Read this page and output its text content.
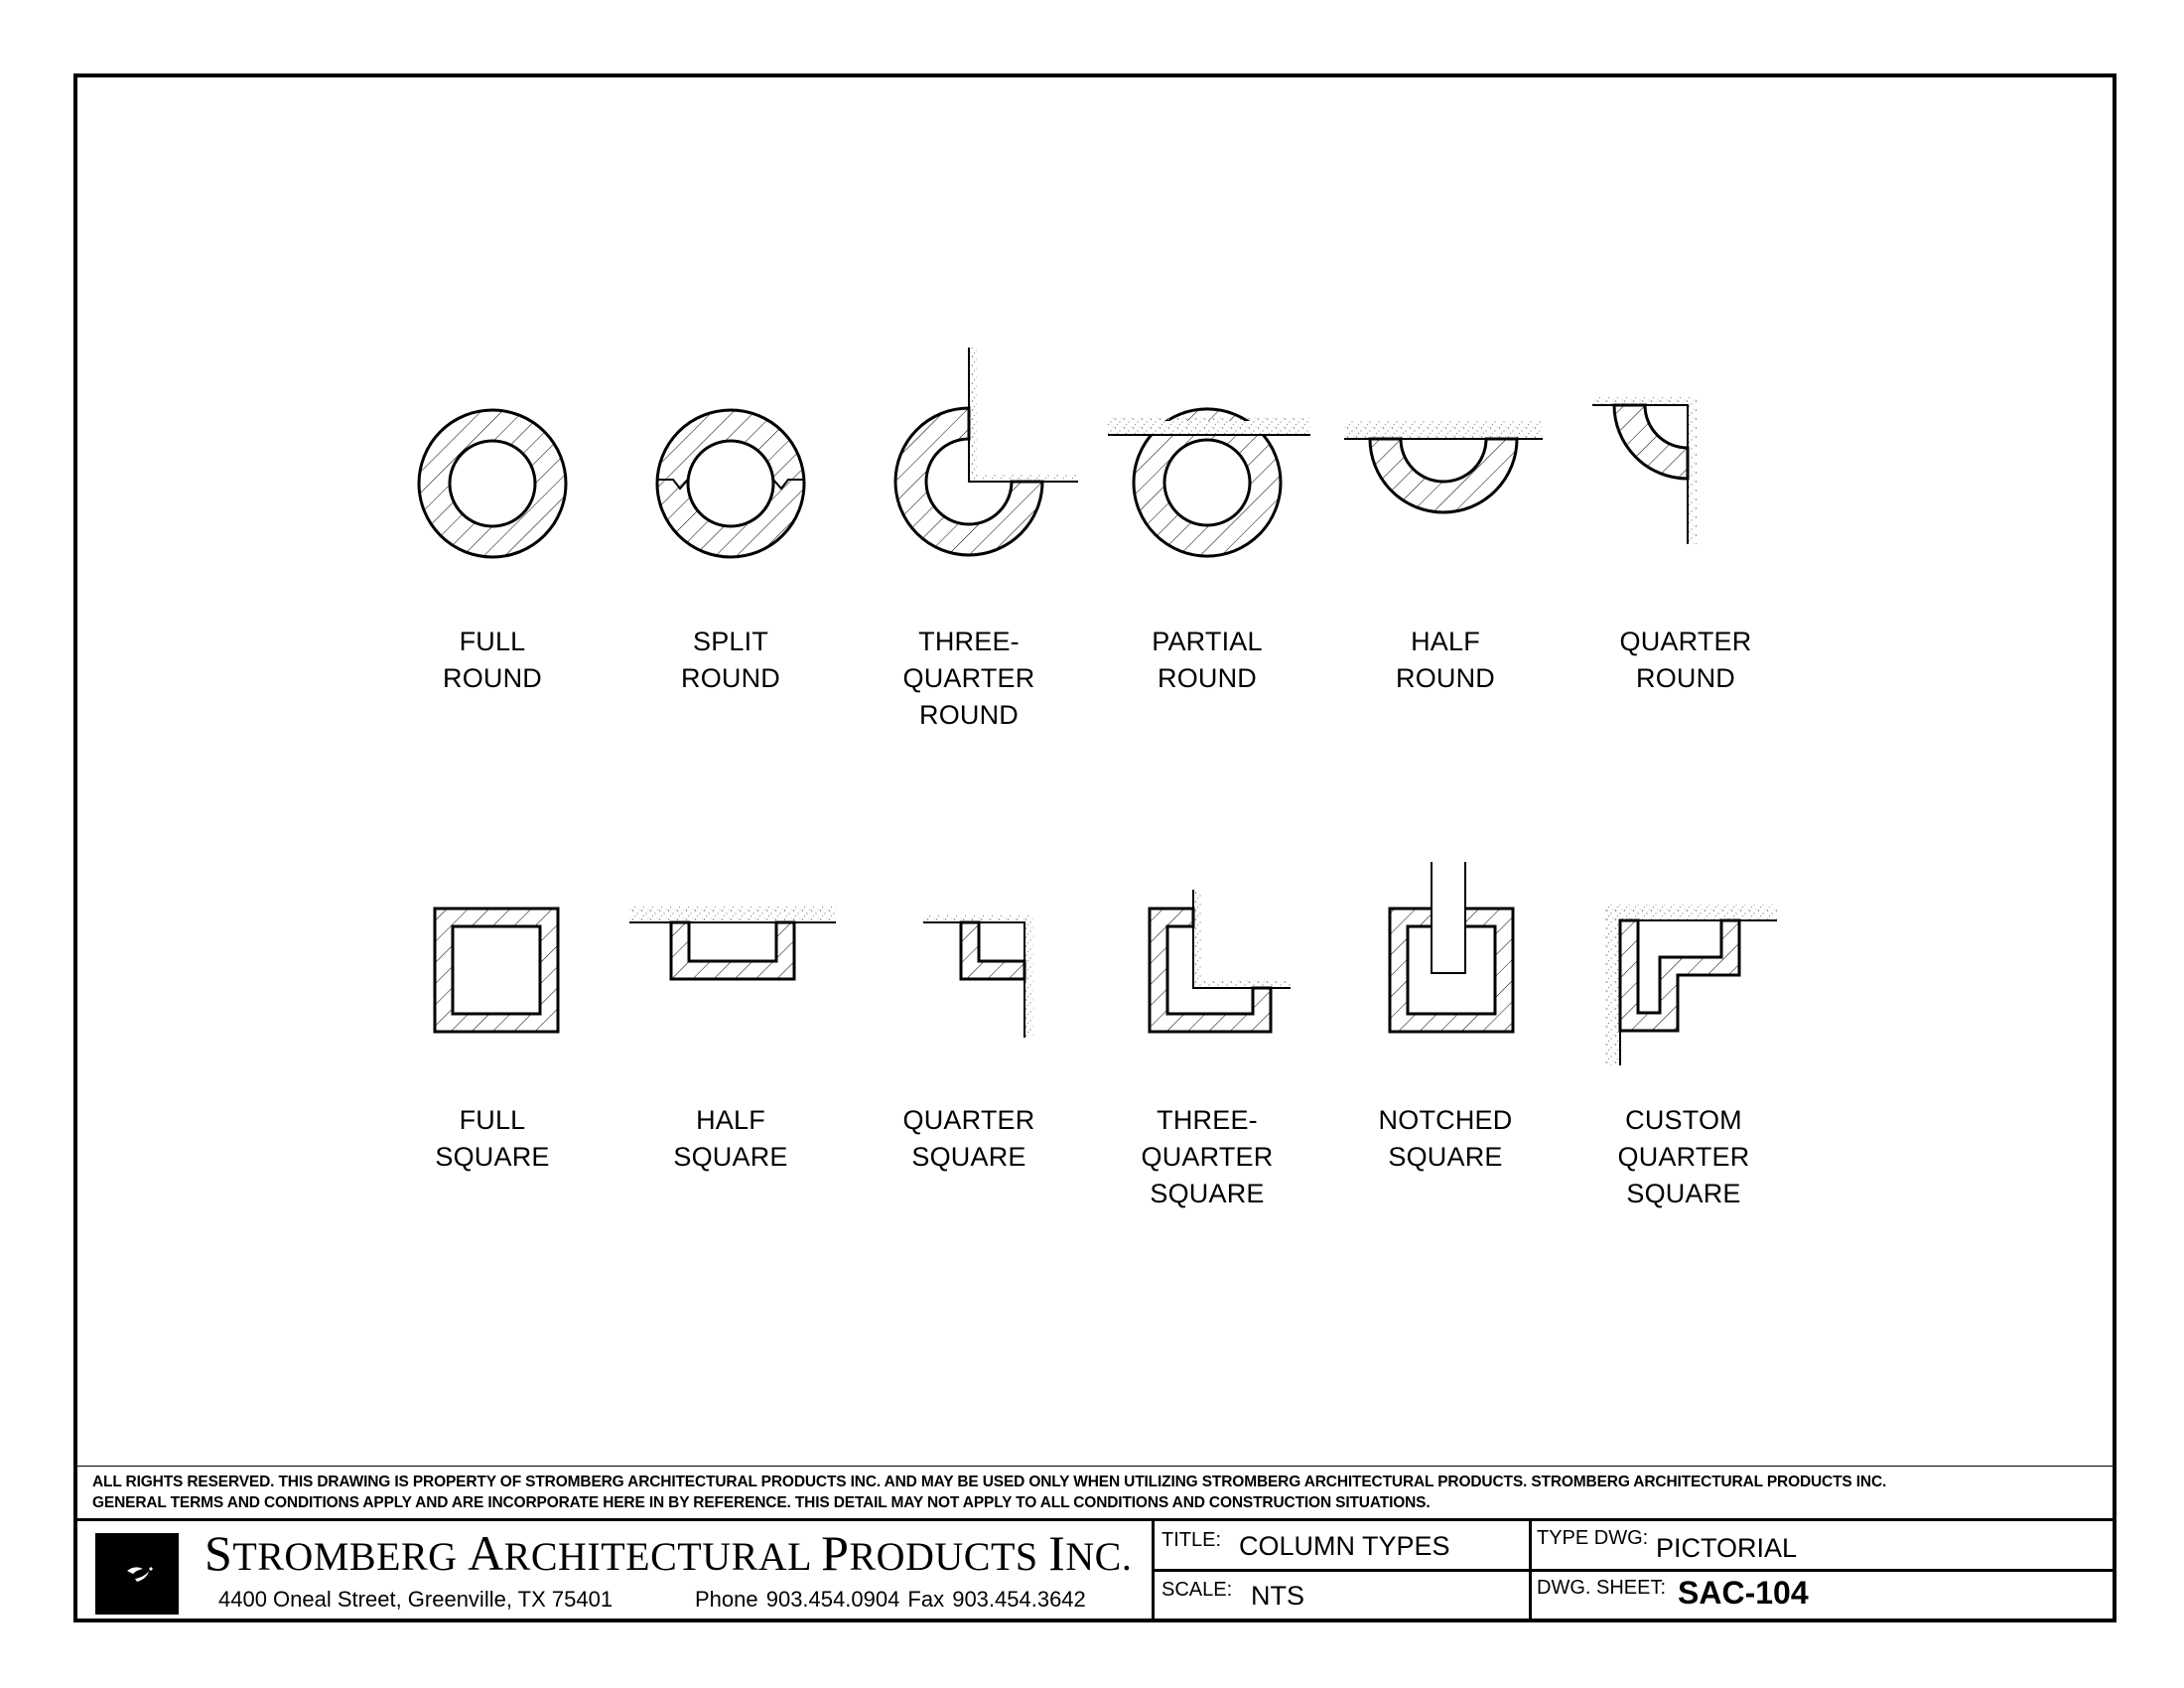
FULL
ROUND
SPLIT
ROUND
THREE-
QUARTER
ROUND
PARTIAL
ROUND
HALF
ROUND
QUARTER
ROUND
FULL
SQUARE
HALF
SQUARE
QUARTER
SQUARE
THREE-
QUARTER
SQUARE
NOTCHED
SQUARE
CUSTOM
QUARTER
SQUARE
ALL RIGHTS RESERVED. THIS DRAWING IS PROPERTY OF STROMBERG ARCHITECTURAL PRODUCTS INC. AND MAY BE USED ONLY WHEN UTILIZING STROMBERG ARCHITECTURAL PRODUCTS. STROMBERG ARCHITECTURAL PRODUCTS INC.
GENERAL TERMS AND CONDITIONS APPLY AND ARE INCORPORATE HERE IN BY REFERENCE. THIS DETAIL MAY NOT APPLY TO ALL CONDITIONS AND CONSTRUCTION SITUATIONS.
STROMBERG ARCHITECTURAL PRODUCTS INC.
4400 Oneal Street, Greenville, TX 75401	Phone 903.454.0904 Fax 903.454.3642
TITLE: COLUMN TYPES
SCALE: NTS
TYPE DWG: PICTORIAL
DWG. SHEET: SAC-104
